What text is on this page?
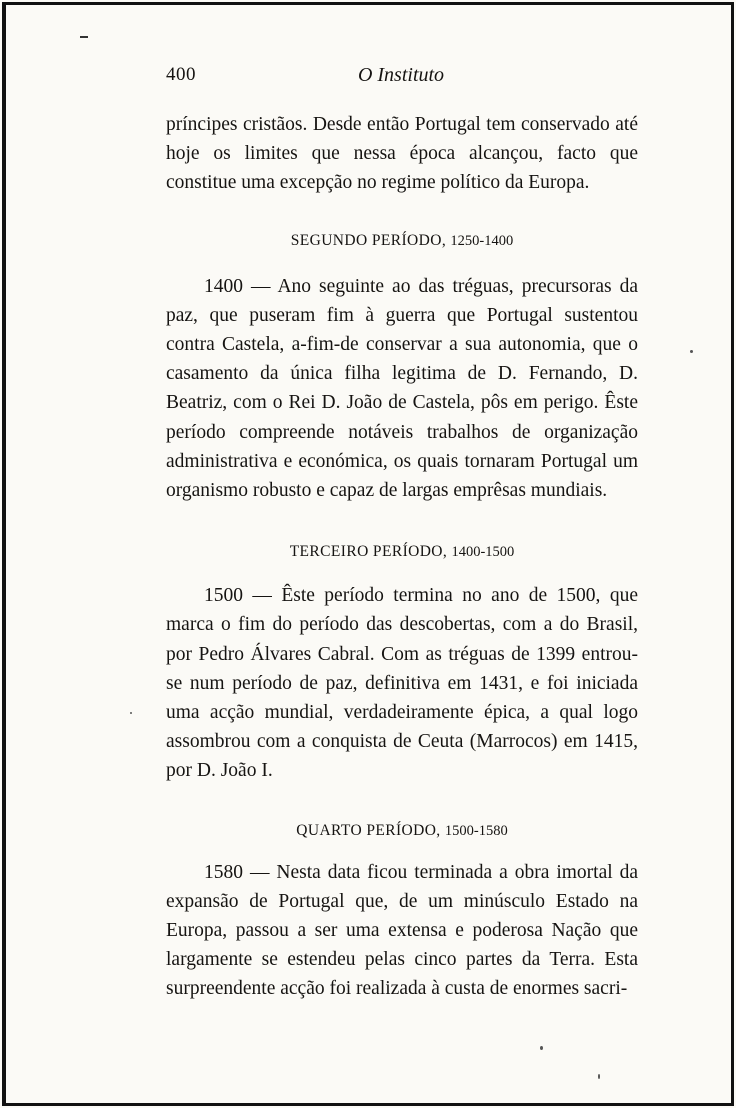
400	O Instituto

príncipes cristãos. Desde então Portugal tem conservado até hoje os limites que nessa época alcançou, facto que constitue uma excepção no regime político da Europa.

SEGUNDO PERÍODO, 1250-1400

1400 — Ano seguinte ao das tréguas, precursoras da paz, que puseram fim à guerra que Portugal sustentou contra Castela, a-fim-de conservar a sua autonomia, que o casamento da única filha legitima de D. Fernando, D. Beatriz, com o Rei D. João de Castela, pôs em perigo. Êste período compreende notáveis trabalhos de organização administrativa e económica, os quais tornaram Portugal um organismo robusto e capaz de largas emprêsas mundiais.

TERCEIRO PERÍODO, 1400-1500

1500 — Êste período termina no ano de 1500, que marca o fim do período das descobertas, com a do Brasil, por Pedro Álvares Cabral. Com as tréguas de 1399 entrou-se num período de paz, definitiva em 1431, e foi iniciada uma acção mundial, verdadeiramente épica, a qual logo assombrou com a conquista de Ceuta (Marrocos) em 1415, por D. João I.

QUARTO PERÍODO, 1500-1580

1580 — Nesta data ficou terminada a obra imortal da expansão de Portugal que, de um minúsculo Estado na Europa, passou a ser uma extensa e poderosa Nação que largamente se estendeu pelas cinco partes da Terra. Esta surpreendente acção foi realizada à custa de enormes sacri-
